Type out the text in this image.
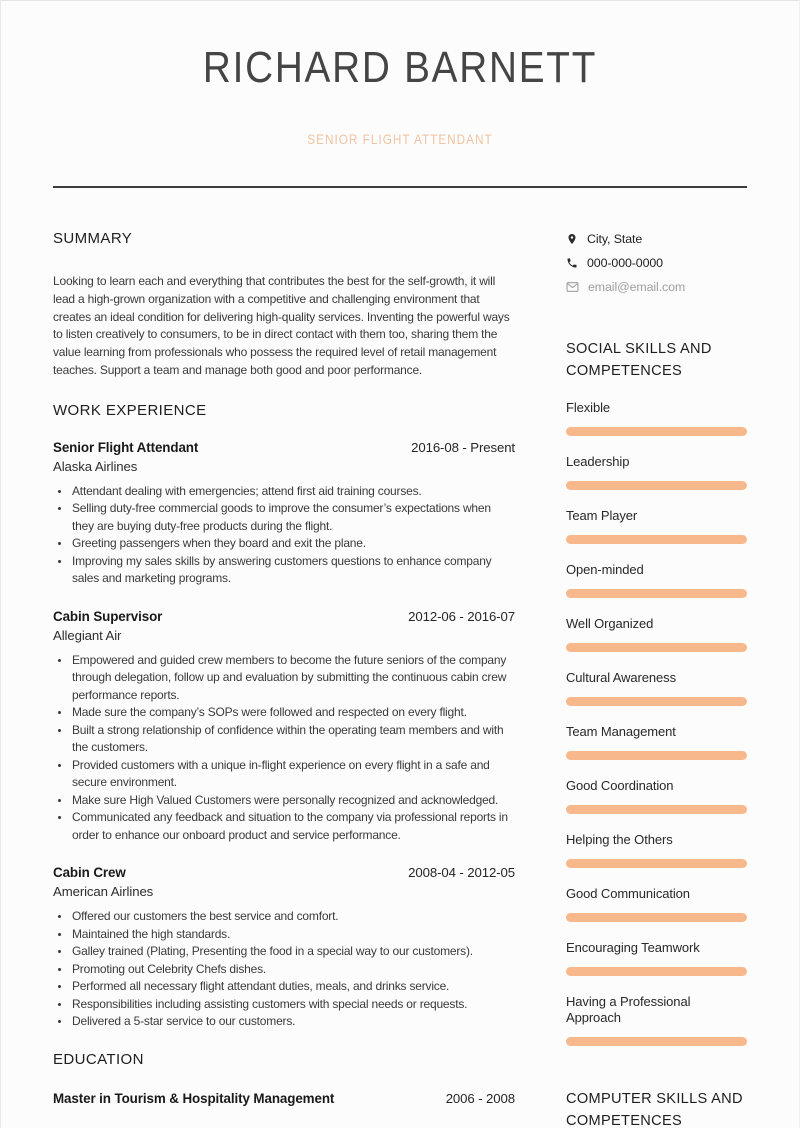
RICHARD BARNETT
SENIOR FLIGHT ATTENDANT
SUMMARY

Looking to learn each and everything that contributes the best for the self-growth, it will lead a high-grown organization with a competitive and challenging environment that creates an ideal condition for delivering high-quality services. Inventing the powerful ways to listen creatively to consumers, to be in direct contact with them too, sharing them the value learning from professionals who possess the required level of retail management teaches. Support a team and manage both good and poor performance.

WORK EXPERIENCE
Senior Flight Attendant	2016-08 - Present
Alaska Airlines
• Attendant dealing with emergencies; attend first aid training courses.
• Selling duty-free commercial goods to improve the consumer’s expectations when they are buying duty-free products during the flight.
• Greeting passengers when they board and exit the plane.
• Improving my sales skills by answering customers questions to enhance company sales and marketing programs.
Cabin Supervisor	2012-06 - 2016-07
Allegiant Air
• Empowered and guided crew members to become the future seniors of the company through delegation, follow up and evaluation by submitting the continuous cabin crew performance reports.
• Made sure the company’s SOPs were followed and respected on every flight.
• Built a strong relationship of confidence within the operating team members and with the customers.
• Provided customers with a unique in-flight experience on every flight in a safe and secure environment.
• Make sure High Valued Customers were personally recognized and acknowledged.
• Communicated any feedback and situation to the company via professional reports in order to enhance our onboard product and service performance.
Cabin Crew	2008-04 - 2012-05
American Airlines
• Offered our customers the best service and comfort.
• Maintained the high standards.
• Galley trained (Plating, Presenting the food in a special way to our customers).
• Promoting out Celebrity Chefs dishes.
• Performed all necessary flight attendant duties, meals, and drinks service.
• Responsibilities including assisting customers with special needs or requests.
• Delivered a 5-star service to our customers.
EDUCATION
Master in Tourism & Hospitality Management	2006 - 2008
City, State
000-000-0000
email@email.com
SOCIAL SKILLS AND COMPETENCES
Flexible
Leadership
Team Player
Open-minded
Well Organized
Cultural Awareness
Team Management
Good Coordination
Helping the Others
Good Communication
Encouraging Teamwork
Having a Professional Approach
COMPUTER SKILLS AND COMPETENCES
